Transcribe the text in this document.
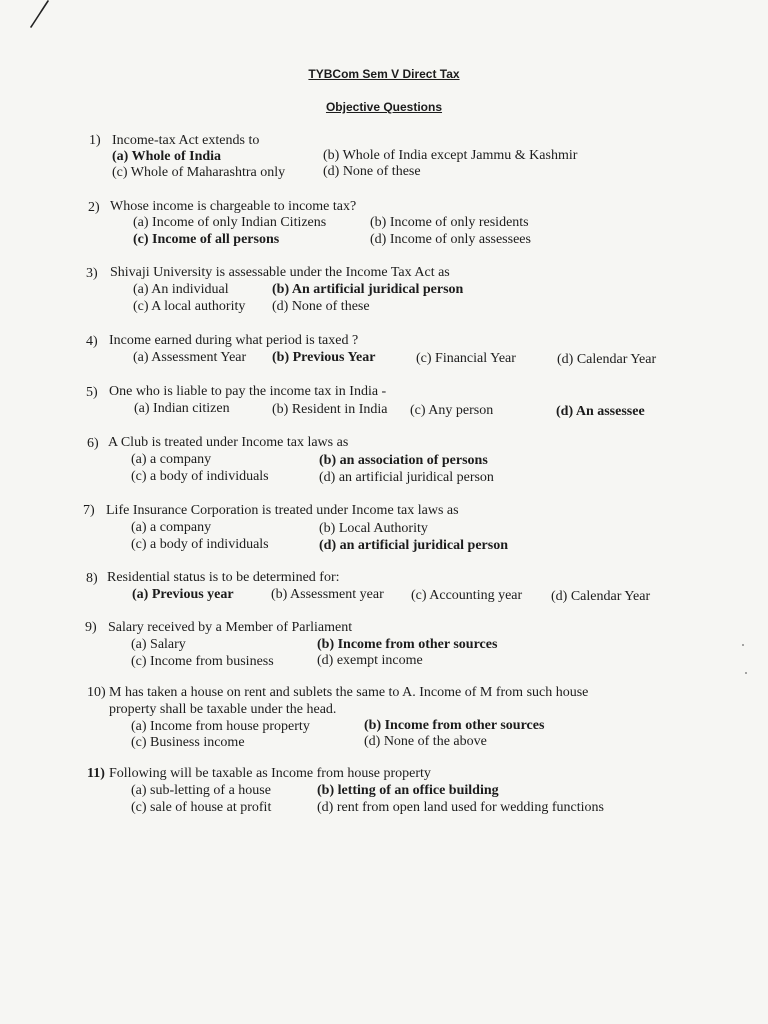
TYBCom Sem V Direct Tax
Objective Questions
1) Income-tax Act extends to
(a) Whole of India	(b) Whole of India except Jammu & Kashmir
(c) Whole of Maharashtra only	(d) None of these
2) Whose income is chargeable to income tax?
(a) Income of only Indian Citizens	(b) Income of only residents
(c) Income of all persons	(d) Income of only assessees
3) Shivaji University is assessable under the Income Tax Act as
(a) An individual	(b) An artificial juridical person
(c) A local authority (d) None of these
4) Income earned during what period is taxed ?
(a) Assessment Year (b) Previous Year	(c) Financial Year	(d) Calendar Year
5) One who is liable to pay the income tax in India -
(a) Indian citizen	(b) Resident in India (c) Any person	(d) An assessee
6) A Club is treated under Income tax laws as
(a) a company	(b) an association of persons
(c) a body of individuals	(d) an artificial juridical person
7) Life Insurance Corporation is treated under Income tax laws as
(a) a company	(b) Local Authority
(c) a body of individuals	(d) an artificial juridical person
8) Residential status is to be determined for:
(a) Previous year	(b) Assessment year (c) Accounting year (d) Calendar Year
9) Salary received by a Member of Parliament
(a) Salary	(b) Income from other sources
(c) Income from business	(d) exempt income
10) M has taken a house on rent and sublets the same to A. Income of M from such house
property shall be taxable under the head.
(a) Income from house property	(b) Income from other sources
(c) Business income	(d) None of the above
11) Following will be taxable as Income from house property
(a) sub-letting of a house	(b) letting of an office building
(c) sale of house at profit	(d) rent from open land used for wedding functions
